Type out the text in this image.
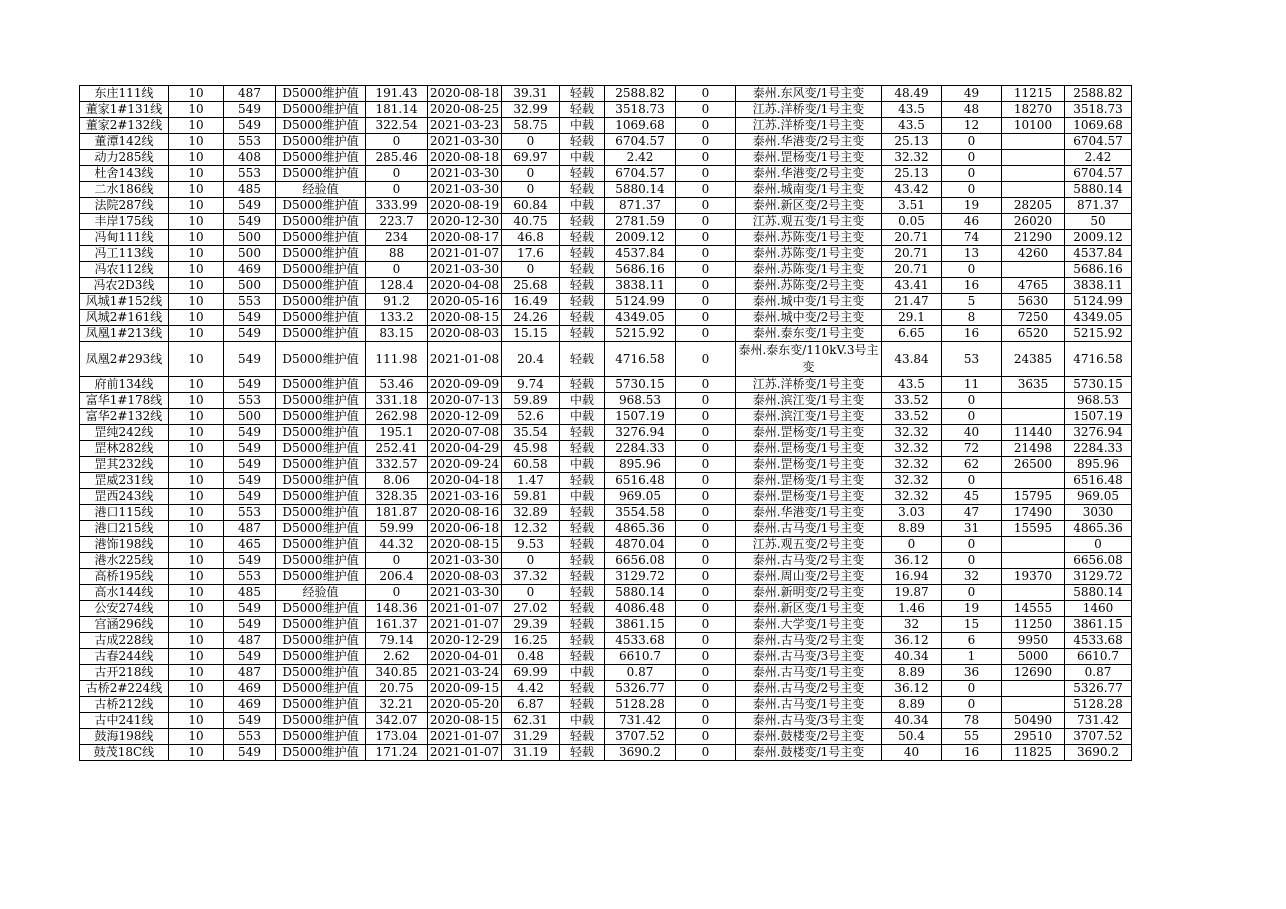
东庄111线	10	487	D5000维护值	191.43	2020-08-18	39.31	轻载	2588.82	0	泰州.东风变/1号主变	48.49	49	11215	2588.82
董家1#131线	10	549	D5000维护值	181.14	2020-08-25	32.99	轻载	3518.73	0	江苏.洋桥变/1号主变	43.5	48	18270	3518.73
董家2#132线	10	549	D5000维护值	322.54	2021-03-23	58.75	中载	1069.68	0	江苏.洋桥变/1号主变	43.5	12	10100	1069.68
董潭142线	10	553	D5000维护值	0	2021-03-30	0	轻载	6704.57	0	泰州.华港变/2号主变	25.13	0		6704.57
动力285线	10	408	D5000维护值	285.46	2020-08-18	69.97	中载	2.42	0	泰州.罡杨变/1号主变	32.32	0		2.42
杜舍143线	10	553	D5000维护值	0	2021-03-30	0	轻载	6704.57	0	泰州.华港变/2号主变	25.13	0		6704.57
二水186线	10	485	经验值	0	2021-03-30	0	轻载	5880.14	0	泰州.城南变/1号主变	43.42	0		5880.14
法院287线	10	549	D5000维护值	333.99	2020-08-19	60.84	中载	871.37	0	泰州.新区变/2号主变	3.51	19	28205	871.37
丰岸175线	10	549	D5000维护值	223.7	2020-12-30	40.75	轻载	2781.59	0	江苏.观五变/1号主变	0.05	46	26020	50
冯甸111线	10	500	D5000维护值	234	2020-08-17	46.8	轻载	2009.12	0	泰州.苏陈变/1号主变	20.71	74	21290	2009.12
冯工113线	10	500	D5000维护值	88	2021-01-07	17.6	轻载	4537.84	0	泰州.苏陈变/1号主变	20.71	13	4260	4537.84
冯农112线	10	469	D5000维护值	0	2021-03-30	0	轻载	5686.16	0	泰州.苏陈变/1号主变	20.71	0		5686.16
冯农2D3线	10	500	D5000维护值	128.4	2020-04-08	25.68	轻载	3838.11	0	泰州.苏陈变/2号主变	43.41	16	4765	3838.11
风城1#152线	10	553	D5000维护值	91.2	2020-05-16	16.49	轻载	5124.99	0	泰州.城中变/1号主变	21.47	5	5630	5124.99
风城2#161线	10	549	D5000维护值	133.2	2020-08-15	24.26	轻载	4349.05	0	泰州.城中变/2号主变	29.1	8	7250	4349.05
凤凰1#213线	10	549	D5000维护值	83.15	2020-08-03	15.15	轻载	5215.92	0	泰州.泰东变/1号主变	6.65	16	6520	5215.92
凤凰2#293线	10	549	D5000维护值	111.98	2021-01-08	20.4	轻载	4716.58	0	泰州.泰东变/110kV.3号主变	43.84	53	24385	4716.58
府前134线	10	549	D5000维护值	53.46	2020-09-09	9.74	轻载	5730.15	0	江苏.洋桥变/1号主变	43.5	11	3635	5730.15
富华1#178线	10	553	D5000维护值	331.18	2020-07-13	59.89	中载	968.53	0	泰州.滨江变/1号主变	33.52	0		968.53
富华2#132线	10	500	D5000维护值	262.98	2020-12-09	52.6	中载	1507.19	0	泰州.滨江变/1号主变	33.52	0		1507.19
罡纯242线	10	549	D5000维护值	195.1	2020-07-08	35.54	轻载	3276.94	0	泰州.罡杨变/1号主变	32.32	40	11440	3276.94
罡林282线	10	549	D5000维护值	252.41	2020-04-29	45.98	轻载	2284.33	0	泰州.罡杨变/1号主变	32.32	72	21498	2284.33
罡其232线	10	549	D5000维护值	332.57	2020-09-24	60.58	中载	895.96	0	泰州.罡杨变/1号主变	32.32	62	26500	895.96
罡威231线	10	549	D5000维护值	8.06	2020-04-18	1.47	轻载	6516.48	0	泰州.罡杨变/1号主变	32.32	0		6516.48
罡西243线	10	549	D5000维护值	328.35	2021-03-16	59.81	中载	969.05	0	泰州.罡杨变/1号主变	32.32	45	15795	969.05
港口115线	10	553	D5000维护值	181.87	2020-08-16	32.89	轻载	3554.58	0	泰州.华港变/1号主变	3.03	47	17490	3030
港口215线	10	487	D5000维护值	59.99	2020-06-18	12.32	轻载	4865.36	0	泰州.古马变/1号主变	8.89	31	15595	4865.36
港饰198线	10	465	D5000维护值	44.32	2020-08-15	9.53	轻载	4870.04	0	江苏.观五变/2号主变	0	0		0
港水225线	10	549	D5000维护值	0	2021-03-30	0	轻载	6656.08	0	泰州.古马变/2号主变	36.12	0		6656.08
高桥195线	10	553	D5000维护值	206.4	2020-08-03	37.32	轻载	3129.72	0	泰州.周山变/2号主变	16.94	32	19370	3129.72
高水144线	10	485	经验值	0	2021-03-30	0	轻载	5880.14	0	泰州.新明变/2号主变	19.87	0		5880.14
公安274线	10	549	D5000维护值	148.36	2021-01-07	27.02	轻载	4086.48	0	泰州.新区变/1号主变	1.46	19	14555	1460
宫涵296线	10	549	D5000维护值	161.37	2021-01-07	29.39	轻载	3861.15	0	泰州.大学变/1号主变	32	15	11250	3861.15
古成228线	10	487	D5000维护值	79.14	2020-12-29	16.25	轻载	4533.68	0	泰州.古马变/2号主变	36.12	6	9950	4533.68
古春244线	10	549	D5000维护值	2.62	2020-04-01	0.48	轻载	6610.7	0	泰州.古马变/3号主变	40.34	1	5000	6610.7
古开218线	10	487	D5000维护值	340.85	2021-03-24	69.99	中载	0.87	0	泰州.古马变/1号主变	8.89	36	12690	0.87
古桥2#224线	10	469	D5000维护值	20.75	2020-09-15	4.42	轻载	5326.77	0	泰州.古马变/2号主变	36.12	0		5326.77
古桥212线	10	469	D5000维护值	32.21	2020-05-20	6.87	轻载	5128.28	0	泰州.古马变/1号主变	8.89	0		5128.28
古中241线	10	549	D5000维护值	342.07	2020-08-15	62.31	中载	731.42	0	泰州.古马变/3号主变	40.34	78	50490	731.42
鼓海198线	10	553	D5000维护值	173.04	2021-01-07	31.29	轻载	3707.52	0	泰州.鼓楼变/2号主变	50.4	55	29510	3707.52
鼓茂18C线	10	549	D5000维护值	171.24	2021-01-07	31.19	轻载	3690.2	0	泰州.鼓楼变/1号主变	40	16	11825	3690.2
